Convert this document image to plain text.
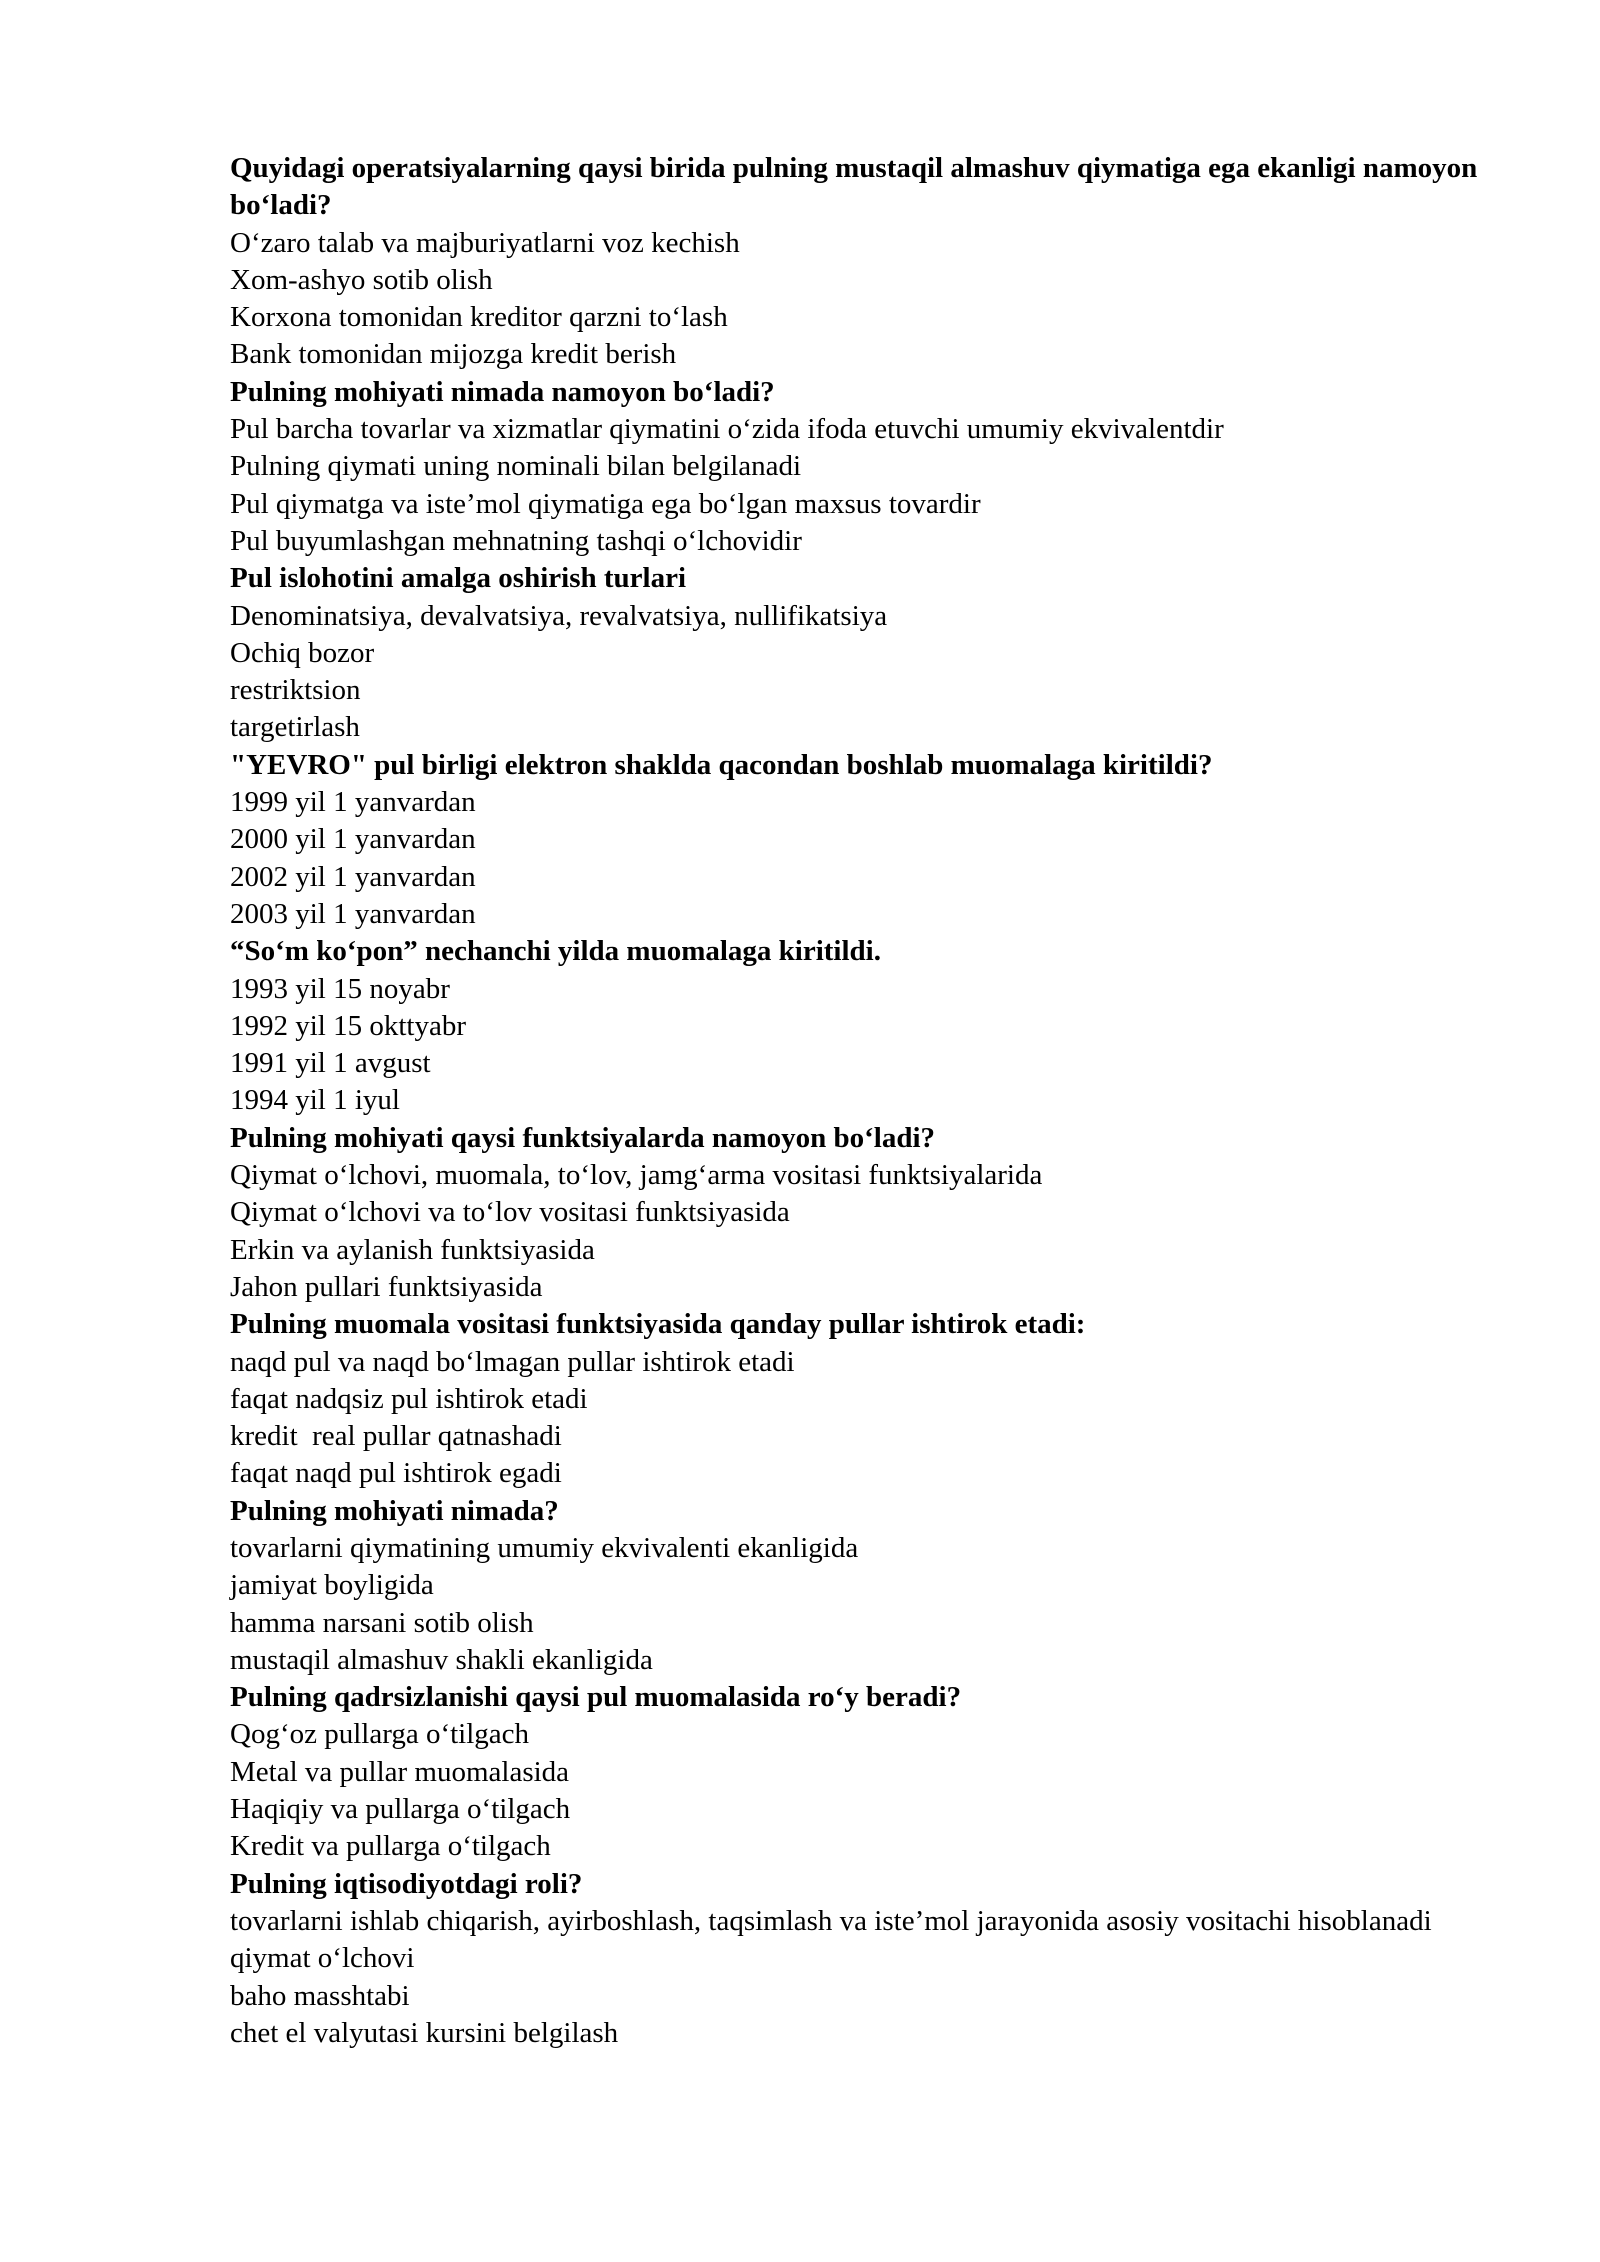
Quyidagi operatsiyalarning qaysi birida pulning mustaqil almashuv qiymatiga ega ekanligi namoyon bo‘ladi?

O‘zaro talab va majburiyatlarni voz kechish

Xom-ashyo sotib olish

Korxona tomonidan kreditor qarzni to‘lash

Bank tomonidan mijozga kredit berish

Pulning mohiyati nimada namoyon bo‘ladi?

Pul barcha tovarlar va xizmatlar qiymatini o‘zida ifoda etuvchi umumiy ekvivalentdir

Pulning qiymati uning nominali bilan belgilanadi

Pul qiymatga va iste’mol qiymatiga ega bo‘lgan maxsus tovardir

Pul buyumlashgan mehnatning tashqi o‘lchovidir

Pul islohotini amalga oshirish turlari

Denominatsiya, devalvatsiya, revalvatsiya, nullifikatsiya

Ochiq bozor

restriktsion

targetirlash

"YEVRO" pul birligi elektron shaklda qacondan boshlab muomalaga kiritildi?

1999 yil 1 yanvardan

2000 yil 1 yanvardan

2002 yil 1 yanvardan

2003 yil 1 yanvardan

“So‘m ko‘pon” nechanchi yilda muomalaga kiritildi.

1993 yil 15 noyabr

1992 yil 15 okttyabr

1991 yil 1 avgust

1994 yil 1 iyul

Pulning mohiyati qaysi funktsiyalarda namoyon bo‘ladi?

Qiymat o‘lchovi, muomala, to‘lov, jamg‘arma vositasi funktsiyalarida

Qiymat o‘lchovi va to‘lov vositasi funktsiyasida

Erkin va aylanish funktsiyasida

Jahon pullari funktsiyasida

Pulning muomala vositasi funktsiyasida qanday pullar ishtirok etadi:

naqd pul va naqd bo‘lmagan pullar ishtirok etadi

faqat nadqsiz pul ishtirok etadi

kredit  real pullar qatnashadi

faqat naqd pul ishtirok egadi

Pulning mohiyati nimada?

tovarlarni qiymatining umumiy ekvivalenti ekanligida

jamiyat boyligida

hamma narsani sotib olish

mustaqil almashuv shakli ekanligida

Pulning qadrsizlanishi qaysi pul muomalasida ro‘y beradi?

Qog‘oz pullarga o‘tilgach

Metal va pullar muomalasida

Haqiqiy va pullarga o‘tilgach

Kredit va pullarga o‘tilgach

Pulning iqtisodiyotdagi roli?

tovarlarni ishlab chiqarish, ayirboshlash, taqsimlash va iste’mol jarayonida asosiy vositachi hisoblanadi

qiymat o‘lchovi

baho masshtabi

chet el valyutasi kursini belgilash
